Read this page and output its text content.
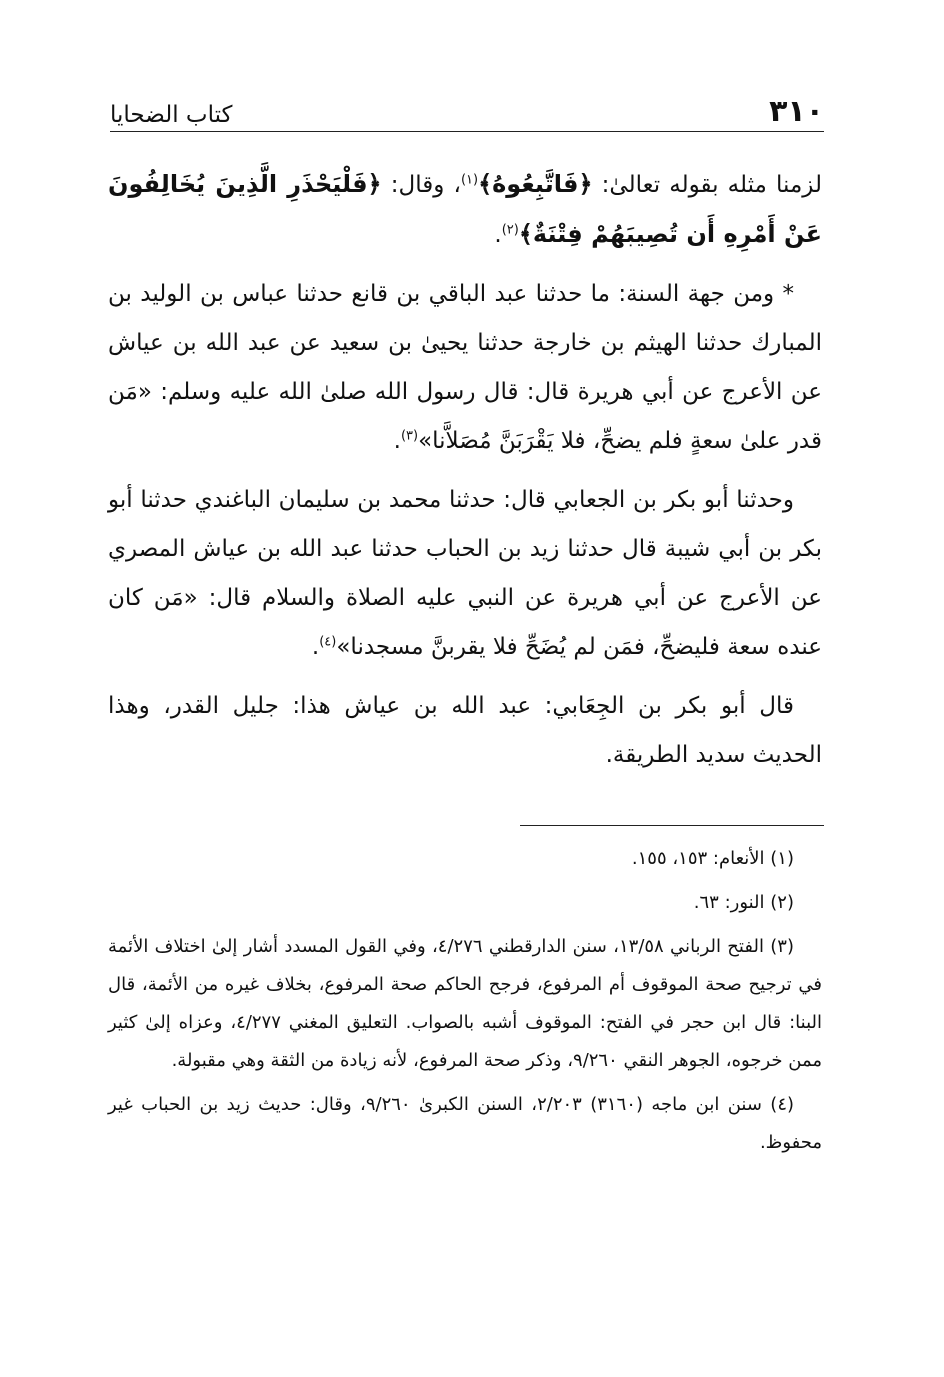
٣١٠
كتاب الضحايا

لزمنا مثله بقوله تعالىٰ: ﴿فَاتَّبِعُوهُ﴾$^{(١)}$، وقال: ﴿فَلْيَحْذَرِ الَّذِينَ يُخَالِفُونَ عَنْ أَمْرِهِ أَن تُصِيبَهُمْ فِتْنَةٌ﴾$^{(٢)}$.

* ومن جهة السنة: ما حدثنا عبد الباقي بن قانع حدثنا عباس بن الوليد بن المبارك حدثنا الهيثم بن خارجة حدثنا يحيىٰ بن سعيد عن عبد الله بن عياش عن الأعرج عن أبي هريرة قال: قال رسول الله صلىٰ الله عليه وسلم: «مَن قدر علىٰ سعةٍ فلم يضحِّ، فلا يَقْرَبَنَّ مُصَلاَّنا»$^{(٣)}$.

وحدثنا أبو بكر بن الجعابي قال: حدثنا محمد بن سليمان الباغندي حدثنا أبو بكر بن أبي شيبة قال حدثنا زيد بن الحباب حدثنا عبد الله بن عياش المصري عن الأعرج عن أبي هريرة عن النبي عليه الصلاة والسلام قال: «مَن كان عنده سعة فليضحِّ، فمَن لم يُضَحِّ فلا يقربنَّ مسجدنا»$^{(٤)}$.

قال أبو بكر بن الجِعَابي: عبد الله بن عياش هذا: جليل القدر، وهذا الحديث سديد الطريقة.

(١) الأنعام: ١٥٣، ١٥٥.

(٢) النور: ٦٣.

(٣) الفتح الرباني ١٣/٥٨، سنن الدارقطني ٤/٢٧٦، وفي القول المسدد أشار إلىٰ اختلاف الأئمة في ترجيح صحة الموقوف أم المرفوع، فرجح الحاكم صحة المرفوع، بخلاف غيره من الأئمة، قال البنا: قال ابن حجر في الفتح: الموقوف أشبه بالصواب. التعليق المغني ٤/٢٧٧، وعزاه إلىٰ كثير ممن خرجوه، الجوهر النقي ٩/٢٦٠، وذكر صحة المرفوع، لأنه زيادة من الثقة وهي مقبولة.

(٤) سنن ابن ماجه (٣١٦٠) ٢/٢٠٣، السنن الكبرىٰ ٩/٢٦٠، وقال: حديث زيد بن الحباب غير محفوظ.
